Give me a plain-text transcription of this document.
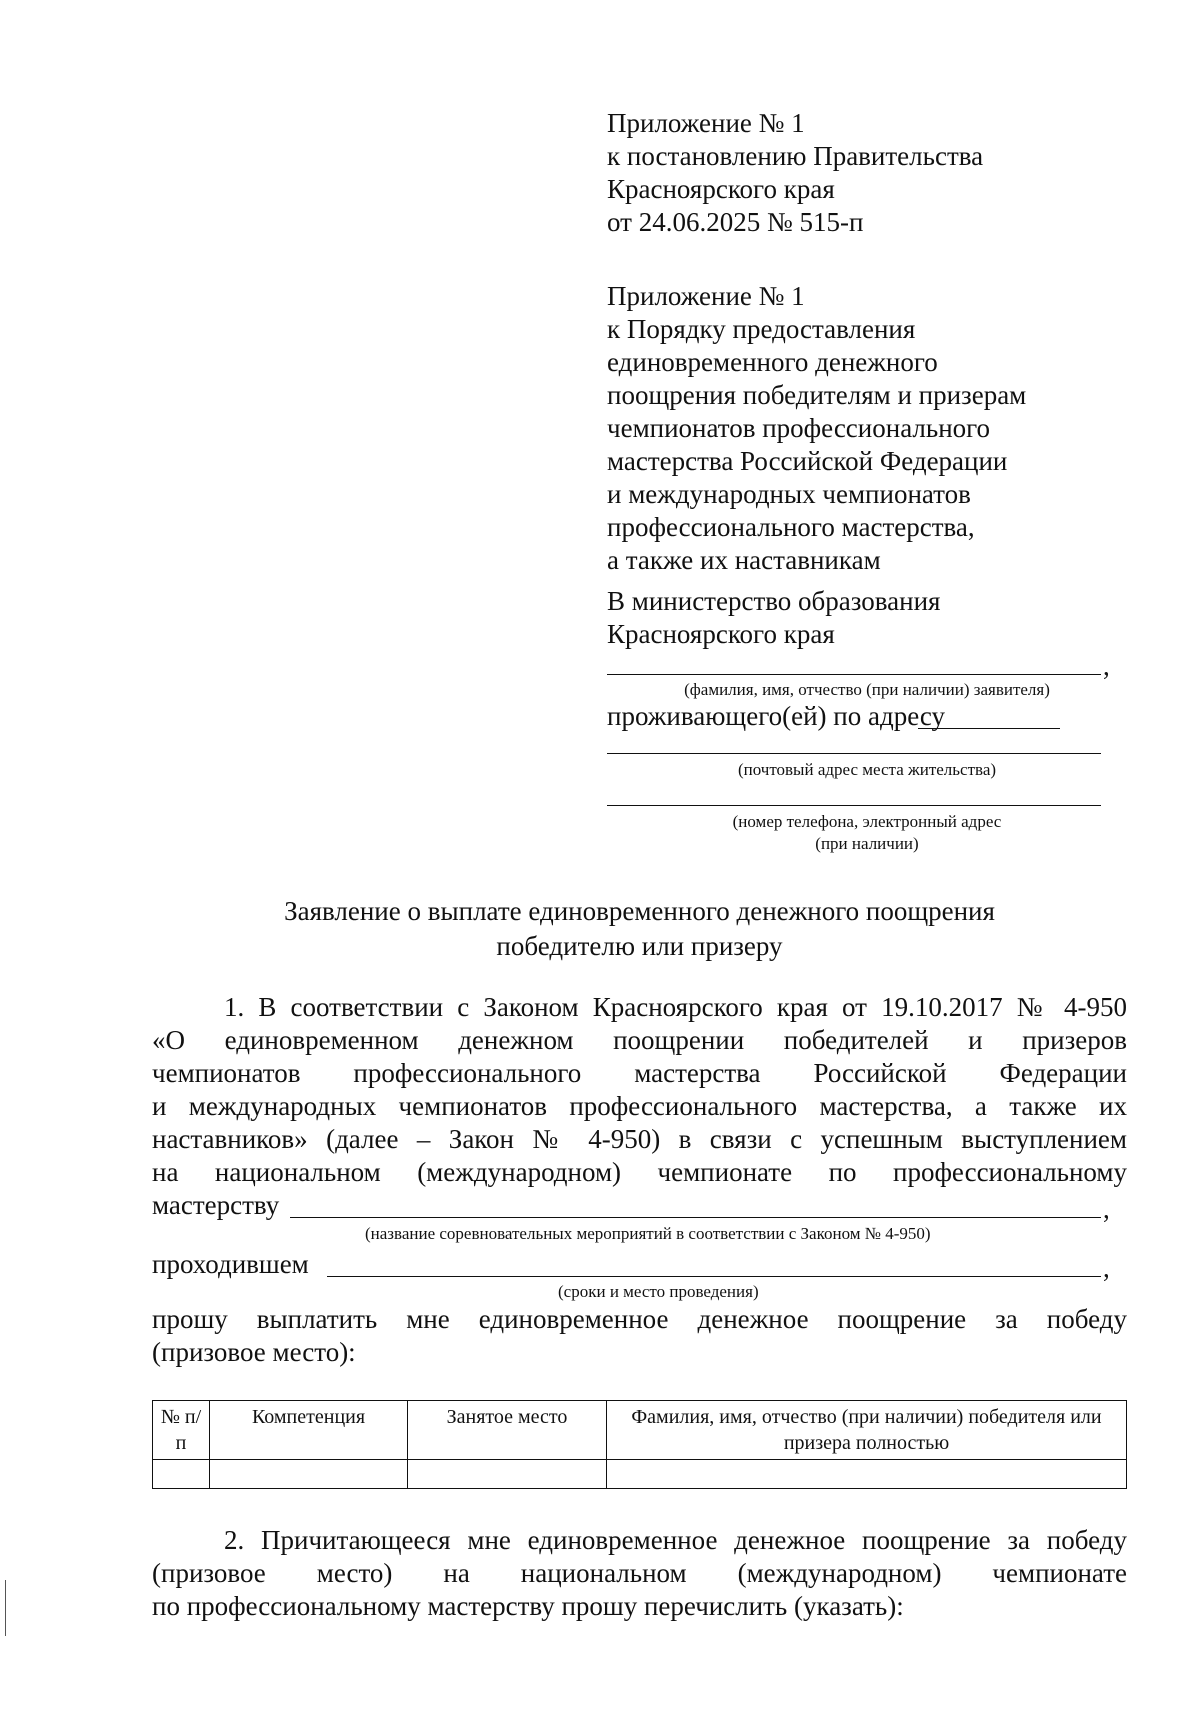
Приложение № 1
к постановлению Правительства
Красноярского края
от 24.06.2025 № 515-п
Приложение № 1
к Порядку предоставления
единовременного денежного
поощрения победителям и призерам
чемпионатов профессионального
мастерства Российской Федерации
и международных чемпионатов
профессионального мастерства,
а также их наставникам
В министерство образования
Красноярского края
,
(фамилия, имя, отчество (при наличии) заявителя)
проживающего(ей) по адресу
(почтовый адрес места жительства)
(номер телефона, электронный адрес
(при наличии)
Заявление о выплате единовременного денежного поощрения
победителю или призеру
1. В соответствии с Законом Красноярского края от 19.10.2017 № 4-950
«О единовременном денежном поощрении победителей и призеров
чемпионатов профессионального мастерства Российской Федерации
и международных чемпионатов профессионального мастерства, а также их
наставников» (далее – Закон № 4-950) в связи с успешным выступлением
на национальном (международном) чемпионате по профессиональному
мастерству	,
(название соревновательных мероприятий в соответствии с Законом № 4-950)
проходившем	,
(сроки и место проведения)
прошу выплатить мне единовременное денежное поощрение за победу
(призовое место):
№ п/п	Компетенция	Занятое место	Фамилия, имя, отчество (при наличии) победителя или призера полностью

2. Причитающееся мне единовременное денежное поощрение за победу
(призовое место) на национальном (международном) чемпионате
по профессиональному мастерству прошу перечислить (указать):
